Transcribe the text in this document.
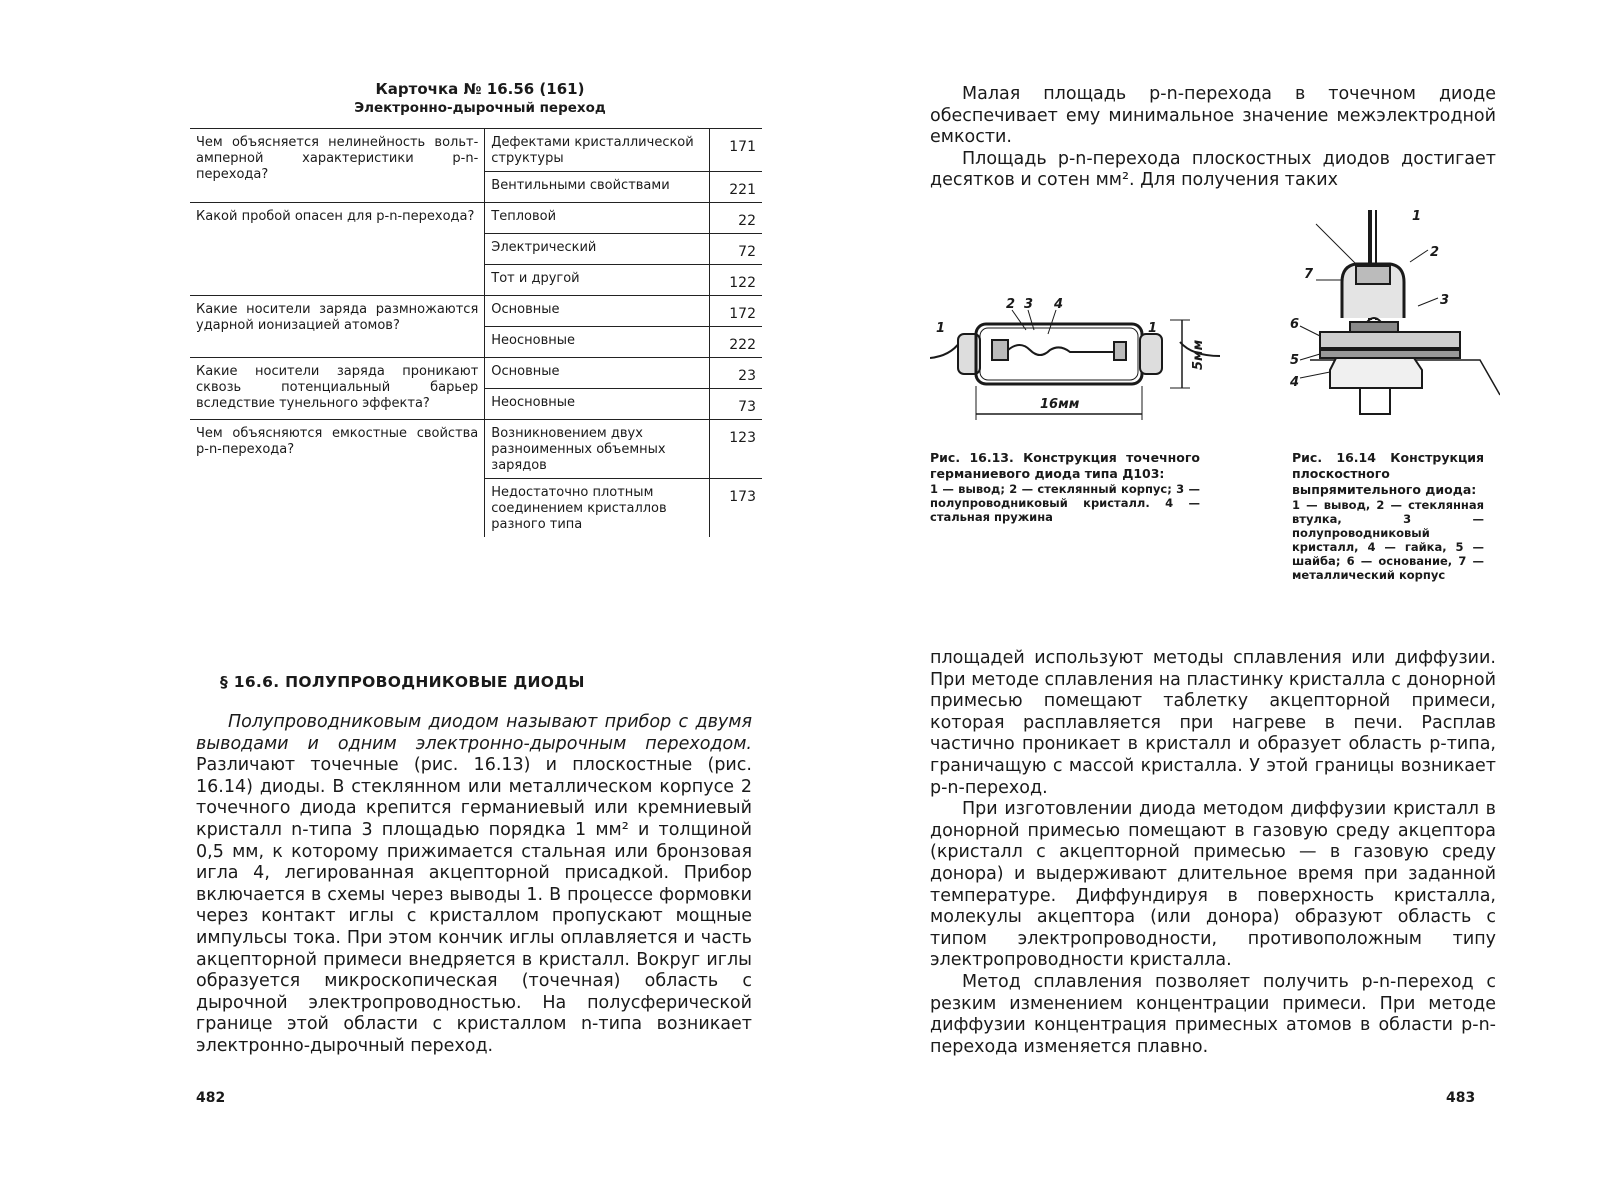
Карточка № 16.56 (161)
Электронно-дырочный переход
Чем объясняется нелинейность вольт-амперной характеристики p-n-перехода?	Дефектами кристаллической структуры	171
	Вентильными свойствами	221
Какой пробой опасен для p-n-перехода?	Тепловой	22
	Электрический	72
	Тот и другой	122
Какие носители заряда размножаются ударной ионизацией атомов?	Основные	172
	Неосновные	222
Какие носители заряда проникают сквозь потенциальный барьер вследствие тунельного эффекта?	Основные	23
	Неосновные	73
Чем объясняются емкостные свойства p-n-перехода?	Возникновением двух разноименных объемных зарядов	123
	Недостаточно плотным соединением кристаллов разного типа	173
§ 16.6. ПОЛУПРОВОДНИКОВЫЕ ДИОДЫ

Полупроводниковым диодом называют прибор с двумя выводами и одним электронно-дырочным переходом. Различают точечные (рис. 16.13) и плоскостные (рис. 16.14) диоды. В стеклянном или металлическом корпусе 2 точечного диода крепится германиевый или кремниевый кристалл n-типа 3 площадью порядка 1 мм² и толщиной 0,5 мм, к которому прижимается стальная или бронзовая игла 4, легированная акцепторной присадкой. Прибор включается в схемы через выводы 1. В процессе формовки через контакт иглы с кристаллом пропускают мощные импульсы тока. При этом кончик иглы оплавляется и часть акцепторной примеси внедряется в кристалл. Вокруг иглы образуется микроскопическая (точечная) область с дырочной электропроводностью. На полусферической границе этой области с кристаллом n-типа возникает электронно-дырочный переход.

482

Малая площадь p-n-перехода в точечном диоде обеспечивает ему минимальное значение межэлектродной емкости.

Площадь p-n-перехода плоскостных диодов достигает десятков и сотен мм². Для получения таких

1
2 3 4
1
16мм
5мм
Рис. 16.13. Конструкция точечного германиевого диода типа Д103:
1 — вывод; 2 — стеклянный корпус; 3 — полупроводниковый кристалл. 4 — стальная пружина
1
2
3
4
5
6
7
Рис. 16.14 Конструкция плоскостного выпрямительного диода:
1 — вывод, 2 — стеклянная втулка, 3 — полупроводниковый кристалл, 4 — гайка, 5 — шайба; 6 — основание, 7 — металлический корпус

площадей используют методы сплавления или диффузии. При методе сплавления на пластинку кристалла с донорной примесью помещают таблетку акцепторной примеси, которая расплавляется при нагреве в печи. Расплав частично проникает в кристалл и образует область p-типа, граничащую с массой кристалла. У этой границы возникает p-n-переход.

При изготовлении диода методом диффузии кристалл в донорной примесью помещают в газовую среду акцептора (кристалл с акцепторной примесью — в газовую среду донора) и выдерживают длительное время при заданной температуре. Диффундируя в поверхность кристалла, молекулы акцептора (или донора) образуют область с типом электропроводности, противоположным типу электропроводности кристалла.

Метод сплавления позволяет получить p-n-переход с резким изменением концентрации примеси. При методе диффузии концентрация примесных атомов в области p-n-перехода изменяется плавно.

483
